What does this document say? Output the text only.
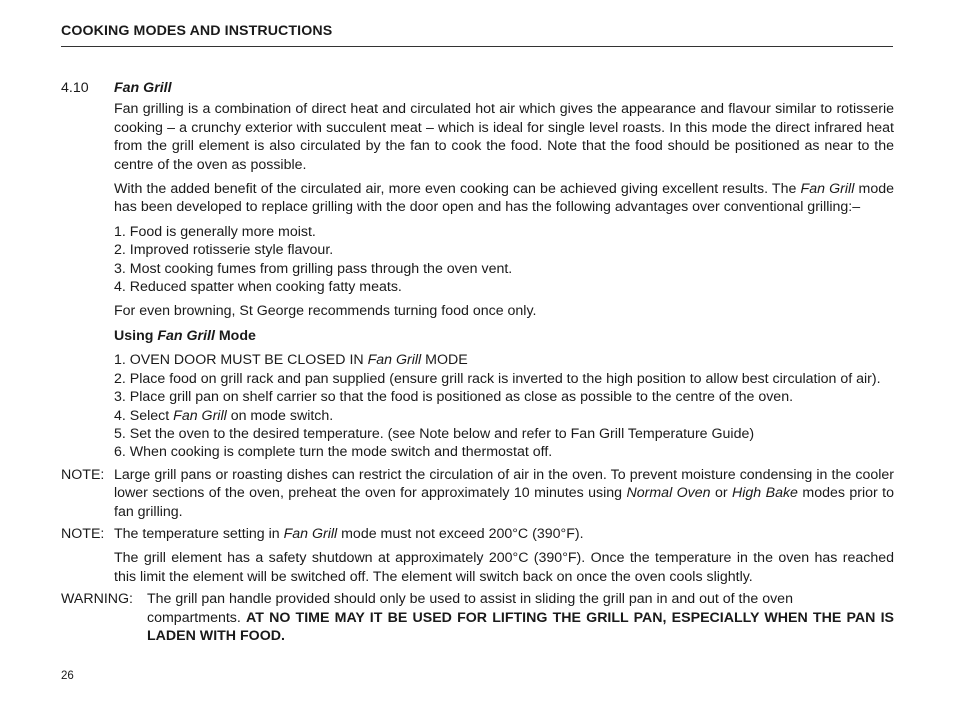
COOKING MODES AND INSTRUCTIONS
4.10	Fan Grill
Fan grilling is a combination of direct heat and circulated hot air which gives the appearance and flavour similar to rotisserie cooking – a crunchy exterior with succulent meat – which is ideal for single level roasts. In this mode the direct infrared heat from the grill element is also circulated by the fan to cook the food. Note that the food should be positioned as near to the centre of the oven as possible.
With the added benefit of the circulated air, more even cooking can be achieved giving excellent results. The Fan Grill mode has been developed to replace grilling with the door open and has the following advantages over conventional grilling:–
1. Food is generally more moist.
2. Improved rotisserie style flavour.
3. Most cooking fumes from grilling pass through the oven vent.
4. Reduced spatter when cooking fatty meats.
For even browning, St George recommends turning food once only.
Using Fan Grill Mode
1. OVEN DOOR MUST BE CLOSED IN Fan Grill MODE
2. Place food on grill rack and pan supplied (ensure grill rack is inverted to the high position to allow best circulation of air).
3. Place grill pan on shelf carrier so that the food is positioned as close as possible to the centre of the oven.
4. Select Fan Grill on mode switch.
5. Set the oven to the desired temperature. (see Note below and refer to Fan Grill Temperature Guide)
6. When cooking is complete turn the mode switch and thermostat off.
NOTE: Large grill pans or roasting dishes can restrict the circulation of air in the oven. To prevent moisture condensing in the cooler lower sections of the oven, preheat the oven for approximately 10 minutes using Normal Oven or High Bake modes prior to fan grilling.
NOTE: The temperature setting in Fan Grill mode must not exceed 200°C (390°F).
The grill element has a safety shutdown at approximately 200°C (390°F). Once the temperature in the oven has reached this limit the element will be switched off. The element will switch back on once the oven cools slightly.
WARNING: The grill pan handle provided should only be used to assist in sliding the grill pan in and out of the oven
compartments. AT NO TIME MAY IT BE USED FOR LIFTING THE GRILL PAN, ESPECIALLY WHEN THE PAN IS LADEN WITH FOOD.
26
